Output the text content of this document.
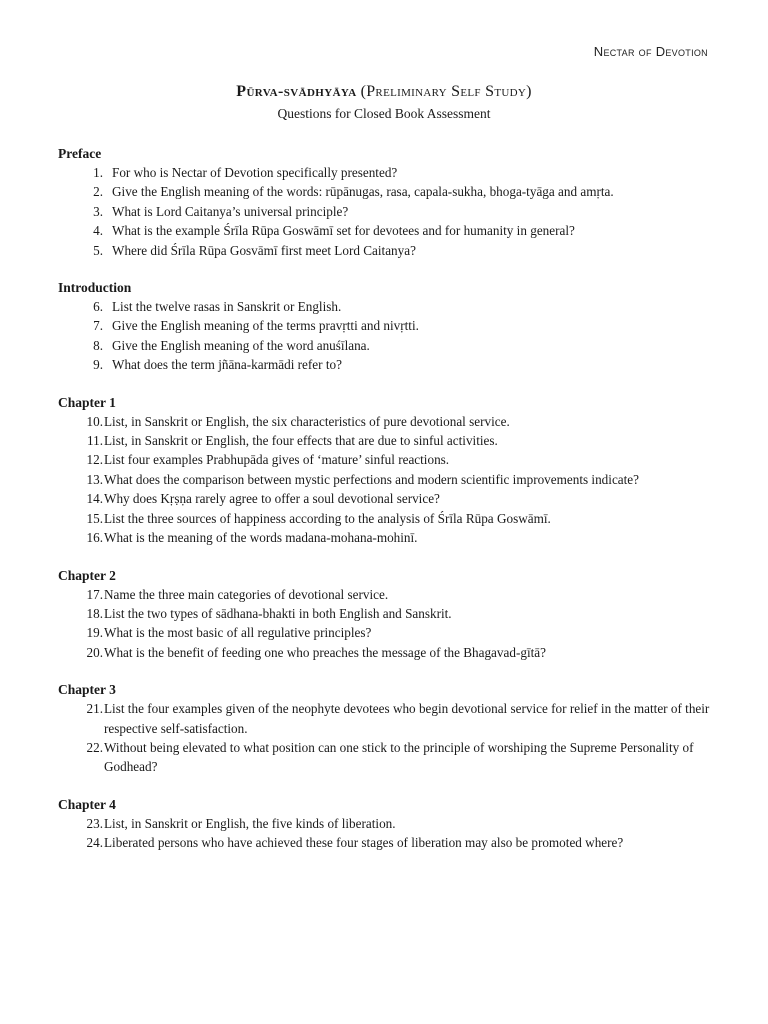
Nectar of Devotion
Pūrva-svādhyāya (Preliminary Self Study)
Questions for Closed Book Assessment
Preface
1. For who is Nectar of Devotion specifically presented?
2. Give the English meaning of the words: rūpānugas, rasa, capala-sukha, bhoga-tyāga and amṛta.
3. What is Lord Caitanya’s universal principle?
4. What is the example Śrīla Rūpa Goswāmī set for devotees and for humanity in general?
5. Where did Śrīla Rūpa Gosvāmī first meet Lord Caitanya?
Introduction
6. List the twelve rasas in Sanskrit or English.
7. Give the English meaning of the terms pravṛtti and nivṛtti.
8. Give the English meaning of the word anuśīlana.
9. What does the term jñāna-karmādi refer to?
Chapter 1
10. List, in Sanskrit or English, the six characteristics of pure devotional service.
11. List, in Sanskrit or English, the four effects that are due to sinful activities.
12. List four examples Prabhupāda gives of ‘mature’ sinful reactions.
13. What does the comparison between mystic perfections and modern scientific improvements indicate?
14. Why does Kṛṣṇa rarely agree to offer a soul devotional service?
15. List the three sources of happiness according to the analysis of Śrīla Rūpa Goswāmī.
16. What is the meaning of the words madana-mohana-mohinī.
Chapter 2
17. Name the three main categories of devotional service.
18. List the two types of sādhana-bhakti in both English and Sanskrit.
19. What is the most basic of all regulative principles?
20. What is the benefit of feeding one who preaches the message of the Bhagavad-gītā?
Chapter 3
21. List the four examples given of the neophyte devotees who begin devotional service for relief in the matter of their respective self-satisfaction.
22. Without being elevated to what position can one stick to the principle of worshiping the Supreme Personality of Godhead?
Chapter 4
23. List, in Sanskrit or English, the five kinds of liberation.
24. Liberated persons who have achieved these four stages of liberation may also be promoted where?
